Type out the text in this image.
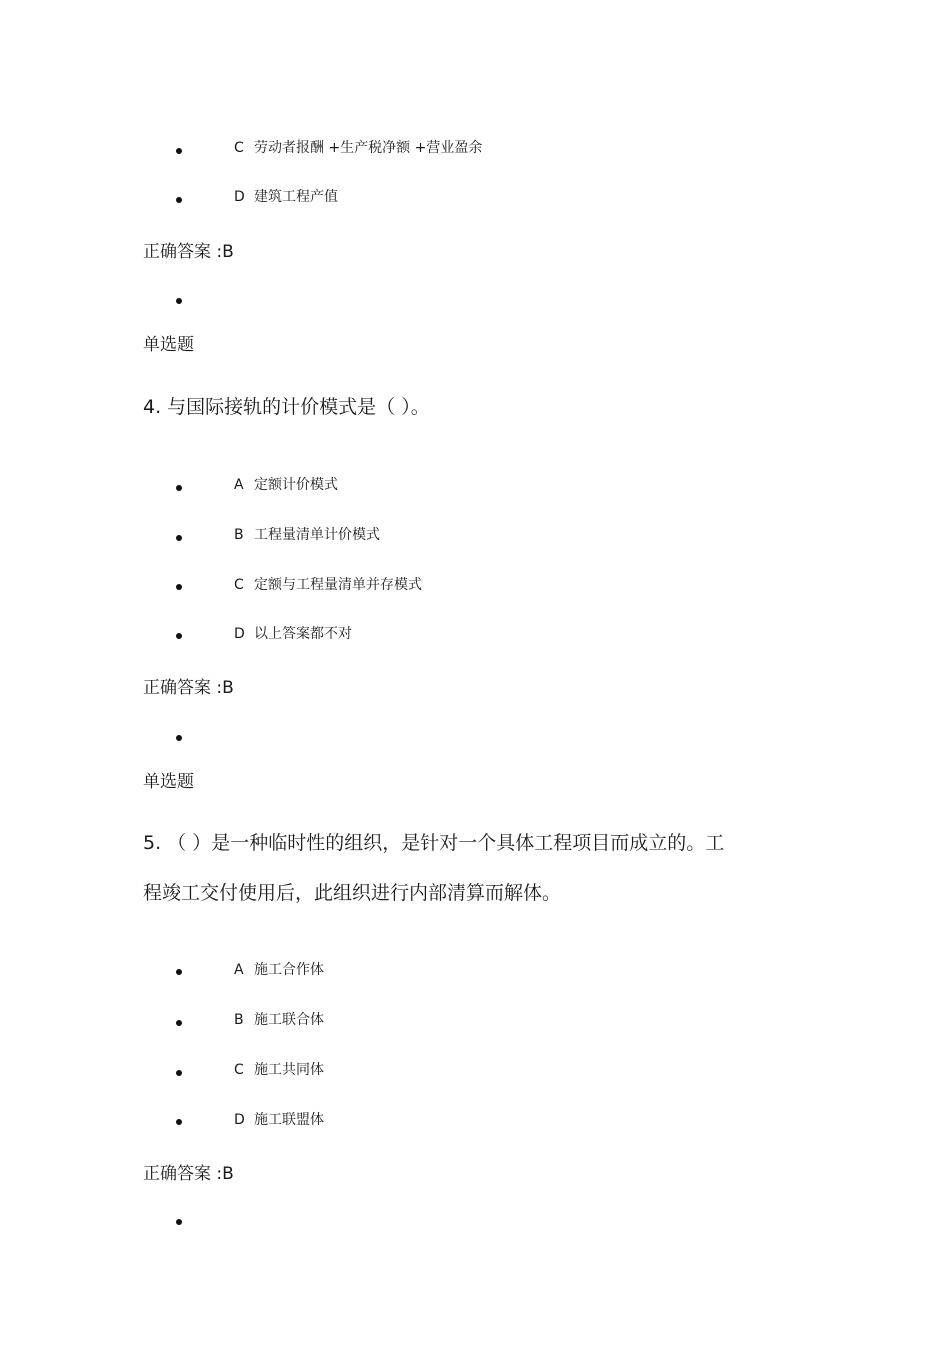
C 劳动者报酬 +生产税净额 +营业盈余
D 建筑工程产值
正确答案 :B
单选题
4. 与国际接轨的计价模式是（ ）。
A 定额计价模式
B 工程量清单计价模式
C 定额与工程量清单并存模式
D 以上答案都不对
正确答案 :B
单选题
5. （ ）是一种临时性的组织，是针对一个具体工程项目而成立的。工
程竣工交付使用后，此组织进行内部清算而解体。
A 施工合作体
B 施工联合体
C 施工共同体
D 施工联盟体
正确答案 :B
